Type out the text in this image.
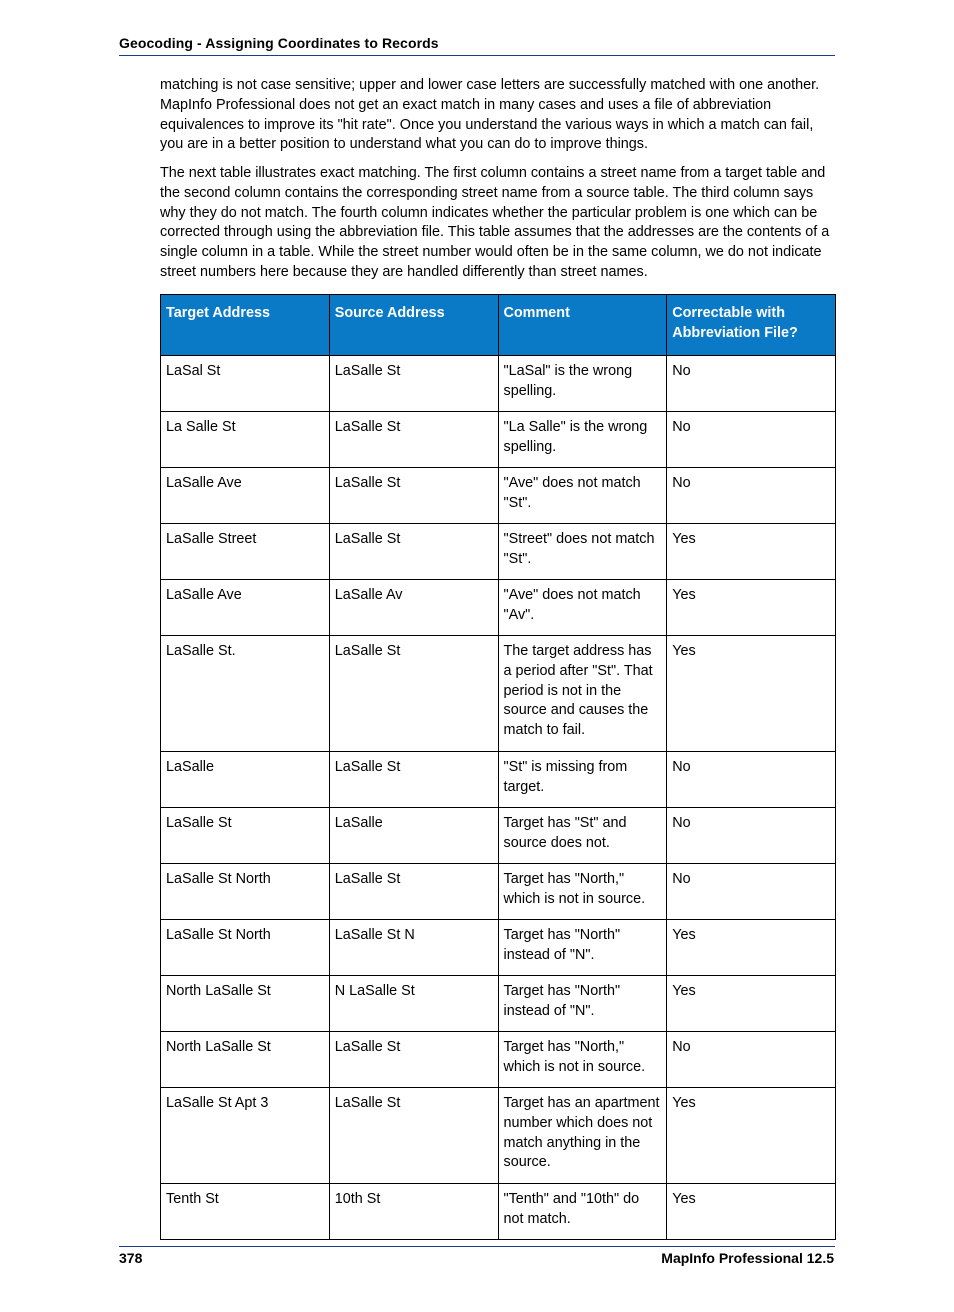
Geocoding - Assigning Coordinates to Records

matching is not case sensitive; upper and lower case letters are successfully matched with one another. MapInfo Professional does not get an exact match in many cases and uses a file of abbreviation equivalences to improve its "hit rate". Once you understand the various ways in which a match can fail, you are in a better position to understand what you can do to improve things.

The next table illustrates exact matching. The first column contains a street name from a target table and the second column contains the corresponding street name from a source table. The third column says why they do not match. The fourth column indicates whether the particular problem is one which can be corrected through using the abbreviation file. This table assumes that the addresses are the contents of a single column in a table. While the street number would often be in the same column, we do not indicate street numbers here because they are handled differently than street names.

Target Address	Source Address	Comment	Correctable with Abbreviation File?
LaSal St	LaSalle St	"LaSal" is the wrong spelling.	No
La Salle St	LaSalle St	"La Salle" is the wrong spelling.	No
LaSalle Ave	LaSalle St	"Ave" does not match "St".	No
LaSalle Street	LaSalle St	"Street" does not match "St".	Yes
LaSalle Ave	LaSalle Av	"Ave" does not match "Av".	Yes
LaSalle St.	LaSalle St	The target address has a period after "St". That period is not in the source and causes the match to fail.	Yes
LaSalle	LaSalle St	"St" is missing from target.	No
LaSalle St	LaSalle	Target has "St" and source does not.	No
LaSalle St North	LaSalle St	Target has "North," which is not in source.	No
LaSalle St North	LaSalle St N	Target has "North" instead of "N".	Yes
North LaSalle St	N LaSalle St	Target has "North" instead of "N".	Yes
North LaSalle St	LaSalle St	Target has "North," which is not in source.	No
LaSalle St Apt 3	LaSalle St	Target has an apartment number which does not match anything in the source.	Yes
Tenth St	10th St	"Tenth" and "10th" do not match.	Yes
378	MapInfo Professional 12.5
